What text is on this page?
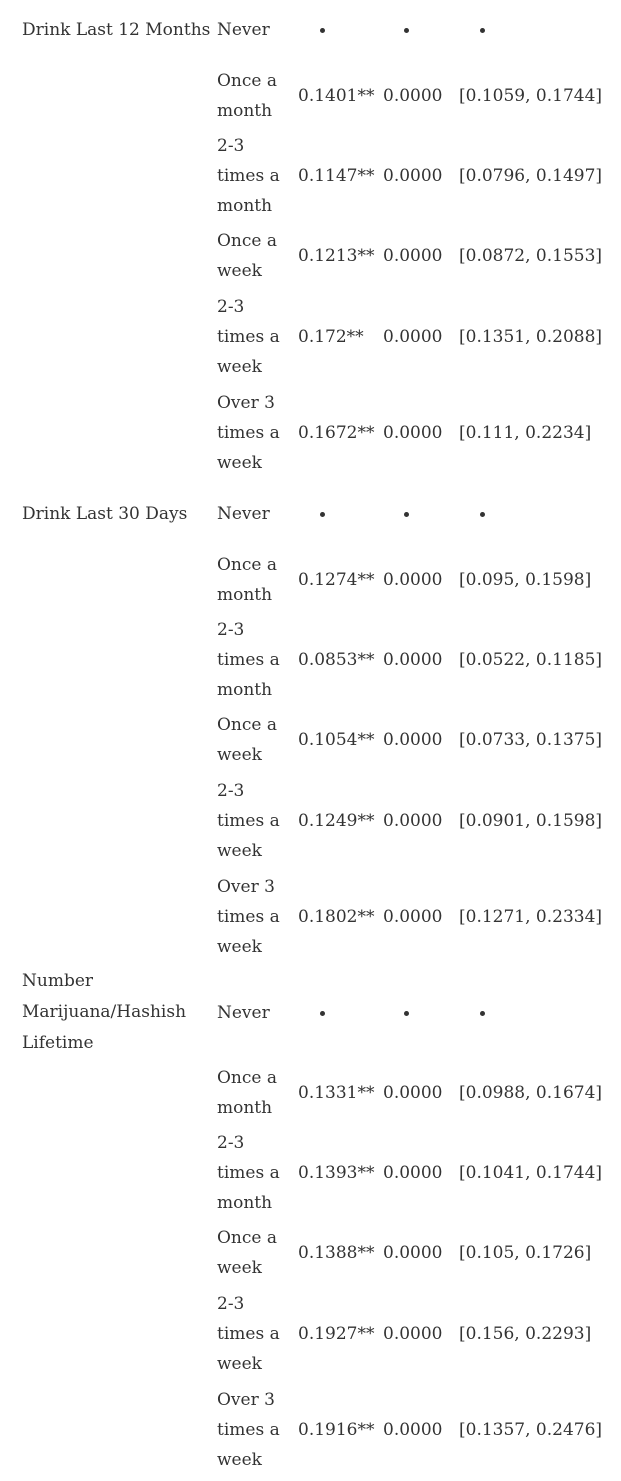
Drink Last 12 Months Never
Once a month
0.1401** 0.0000 [0.1059, 0.1744]
2-3 times a month
0.1147** 0.0000 [0.0796, 0.1497]
Once a week
0.1213** 0.0000 [0.0872, 0.1553]
2-3 times a week
0.172**	0.0000 [0.1351, 0.2088]
Over 3 times a week
0.1672** 0.0000 [0.111, 0.2234]
Drink Last 30 Days Never
Once a month
0.1274** 0.0000 [0.095, 0.1598]
2-3 times a month
0.0853** 0.0000 [0.0522, 0.1185]
Once a week
0.1054** 0.0000 [0.0733, 0.1375]
2-3 times a week
0.1249** 0.0000 [0.0901, 0.1598]
Over 3 times a week
0.1802** 0.0000 [0.1271, 0.2334]
Number Marijuana/Hashish Lifetime
Never
Once a month
0.1331** 0.0000 [0.0988, 0.1674]
2-3 times a month
0.1393** 0.0000 [0.1041, 0.1744]
Once a week
0.1388** 0.0000 [0.105, 0.1726]
2-3 times a week
0.1927** 0.0000 [0.156, 0.2293]
Over 3 times a week
0.1916** 0.0000 [0.1357, 0.2476]
